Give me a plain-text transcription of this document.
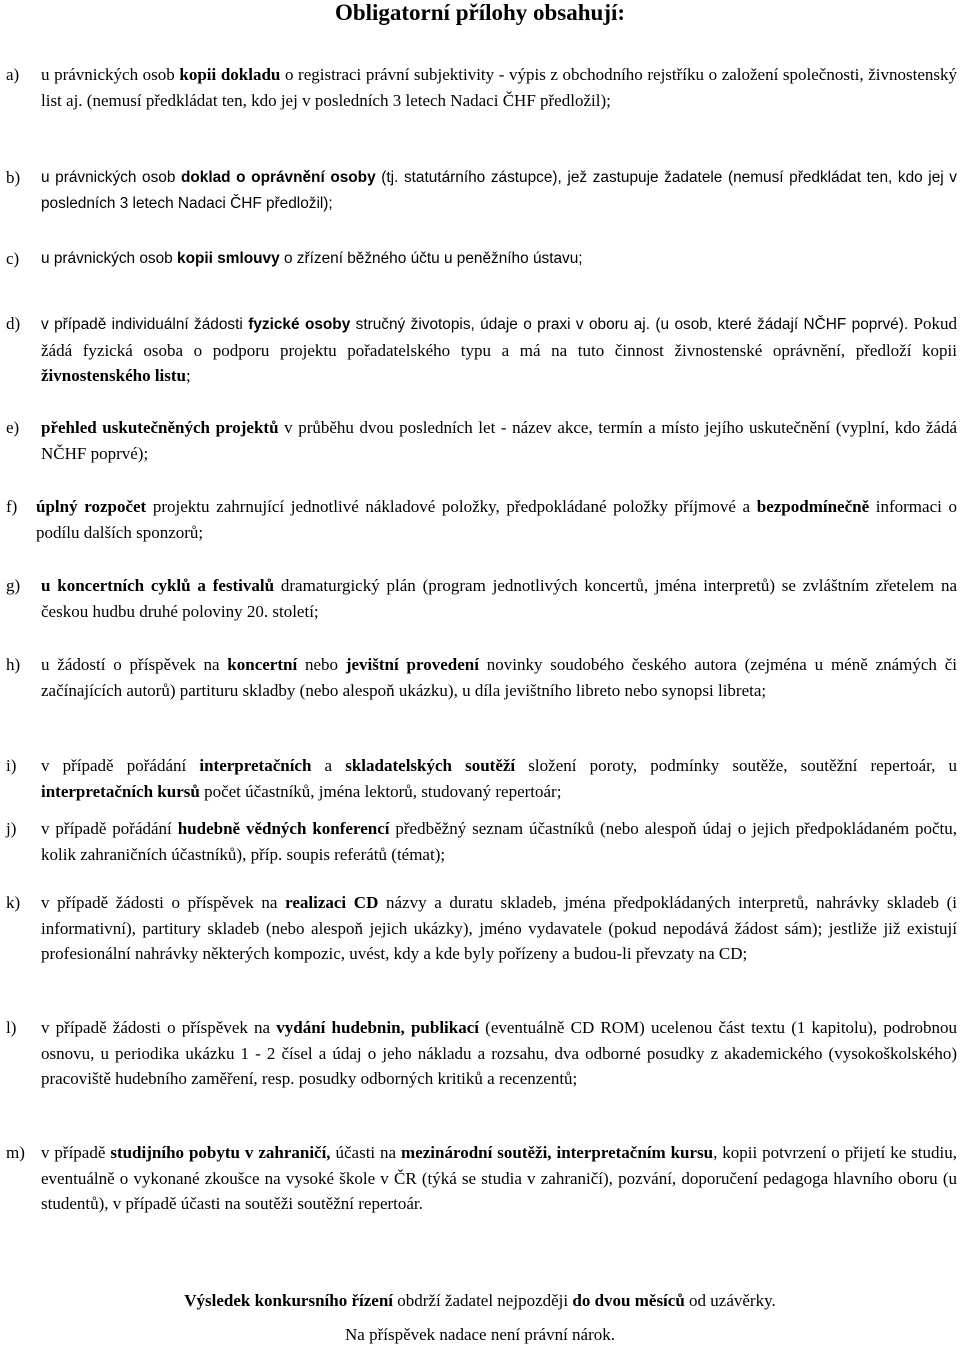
Obligatorní přílohy obsahují:
a) u právnických osob kopii dokladu o registraci právní subjektivity - výpis z obchodního rejstříku o založení společnosti, živnostenský list aj. (nemusí předkládat ten, kdo jej v posledních 3 letech Nadaci ČHF předložil);
b) u právnických osob doklad o oprávnění osoby (tj. statutárního zástupce), jež zastupuje žadatele (nemusí předkládat ten, kdo jej v posledních 3 letech Nadaci ČHF předložil);
c) u právnických osob kopii smlouvy o zřízení běžného účtu u peněžního ústavu;
d) v případě individuální žádosti fyzické osoby stručný životopis, údaje o praxi v oboru aj. (u osob, které žádají NČHF poprvé). Pokud žádá fyzická osoba o podporu projektu pořadatelského typu a má na tuto činnost živnostenské oprávnění, předloží kopii živnostenského listu;
e) přehled uskutečněných projektů v průběhu dvou posledních let - název akce, termín a místo jejího uskutečnění (vyplní, kdo žádá NČHF poprvé);
f) úplný rozpočet projektu zahrnující jednotlivé nákladové položky, předpokládané položky příjmové a bezpodmínečně informaci o podílu dalších sponzorů;
g) u koncertních cyklů a festivalů dramaturgický plán (program jednotlivých koncertů, jména interpretů) se zvláštním zřetelem na českou hudbu druhé poloviny 20. století;
h) u žádostí o příspěvek na koncertní nebo jevištní provedení novinky soudobého českého autora (zejména u méně známých či začínajících autorů) partituru skladby (nebo alespoň ukázku), u díla jevištního libreto nebo synopsi libreta;
i) v případě pořádání interpretačních a skladatelských soutěží složení poroty, podmínky soutěže, soutěžní repertoár, u interpretačních kursů počet účastníků, jména lektorů, studovaný repertoár;
j) v případě pořádání hudebně vědných konferencí předběžný seznam účastníků (nebo alespoň údaj o jejich předpokládaném počtu, kolik zahraničních účastníků), příp. soupis referátů (témat);
k) v případě žádosti o příspěvek na realizaci CD názvy a duratu skladeb, jména předpokládaných interpretů, nahrávky skladeb (i informativní), partitury skladeb (nebo alespoň jejich ukázky), jméno vydavatele (pokud nepodává žádost sám); jestliže již existují profesionální nahrávky některých kompozic, uvést, kdy a kde byly pořízeny a budou-li převzaty na CD;
l) v případě žádosti o příspěvek na vydání hudebnin, publikací (eventuálně CD ROM) ucelenou část textu (1 kapitolu), podrobnou osnovu, u periodika ukázku 1 - 2 čísel a údaj o jeho nákladu a rozsahu, dva odborné posudky z akademického (vysokoškolského) pracoviště hudebního zaměření, resp. posudky odborných kritiků a recenzentů;
m) v případě studijního pobytu v zahraničí, účasti na mezinárodní soutěži, interpretačním kursu, kopii potvrzení o přijetí ke studiu, eventuálně o vykonané zkoušce na vysoké škole v ČR (týká se studia v zahraničí), pozvání, doporučení pedagoga hlavního oboru (u studentů), v případě účasti na soutěži soutěžní repertoár.
Výsledek konkursního řízení obdrží žadatel nejpozději do dvou měsíců od uzávěrky.
Na příspěvek nadace není právní nárok.
